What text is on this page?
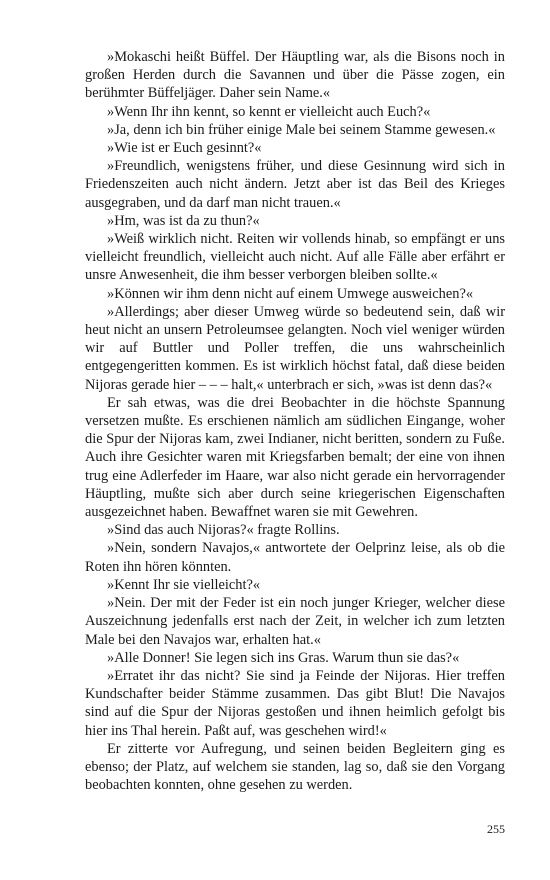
»Mokaschi heißt Büffel. Der Häuptling war, als die Bisons noch in großen Herden durch die Savannen und über die Pässe zogen, ein berühmter Büffeljäger. Daher sein Name.«

»Wenn Ihr ihn kennt, so kennt er vielleicht auch Euch?«

»Ja, denn ich bin früher einige Male bei seinem Stamme gewesen.«

»Wie ist er Euch gesinnt?«

»Freundlich, wenigstens früher, und diese Gesinnung wird sich in Friedenszeiten auch nicht ändern. Jetzt aber ist das Beil des Krieges ausgegraben, und da darf man nicht trauen.«

»Hm, was ist da zu thun?«

»Weiß wirklich nicht. Reiten wir vollends hinab, so empfängt er uns vielleicht freundlich, vielleicht auch nicht. Auf alle Fälle aber erfährt er unsre Anwesenheit, die ihm besser verborgen bleiben sollte.«

»Können wir ihm denn nicht auf einem Umwege ausweichen?«

»Allerdings; aber dieser Umweg würde so bedeutend sein, daß wir heut nicht an unsern Petroleumsee gelangten. Noch viel weniger würden wir auf Buttler und Poller treffen, die uns wahrscheinlich entgegengeritten kommen. Es ist wirklich höchst fatal, daß diese beiden Nijoras gerade hier – – – halt,« unterbrach er sich, »was ist denn das?«

Er sah etwas, was die drei Beobachter in die höchste Spannung versetzen mußte. Es erschienen nämlich am südlichen Eingange, woher die Spur der Nijoras kam, zwei Indianer, nicht beritten, sondern zu Fuße. Auch ihre Gesichter waren mit Kriegsfarben bemalt; der eine von ihnen trug eine Adlerfeder im Haare, war also nicht gerade ein hervorragender Häuptling, mußte sich aber durch seine kriegerischen Eigenschaften ausgezeichnet haben. Bewaffnet waren sie mit Gewehren.

»Sind das auch Nijoras?« fragte Rollins.

»Nein, sondern Navajos,« antwortete der Oelprinz leise, als ob die Roten ihn hören könnten.

»Kennt Ihr sie vielleicht?«

»Nein. Der mit der Feder ist ein noch junger Krieger, welcher diese Auszeichnung jedenfalls erst nach der Zeit, in welcher ich zum letzten Male bei den Navajos war, erhalten hat.«

»Alle Donner! Sie legen sich ins Gras. Warum thun sie das?«

»Erratet ihr das nicht? Sie sind ja Feinde der Nijoras. Hier treffen Kundschafter beider Stämme zusammen. Das gibt Blut! Die Navajos sind auf die Spur der Nijoras gestoßen und ihnen heimlich gefolgt bis hier ins Thal herein. Paßt auf, was geschehen wird!«

Er zitterte vor Aufregung, und seinen beiden Begleitern ging es ebenso; der Platz, auf welchem sie standen, lag so, daß sie den Vorgang beobachten konnten, ohne gesehen zu werden.

255
